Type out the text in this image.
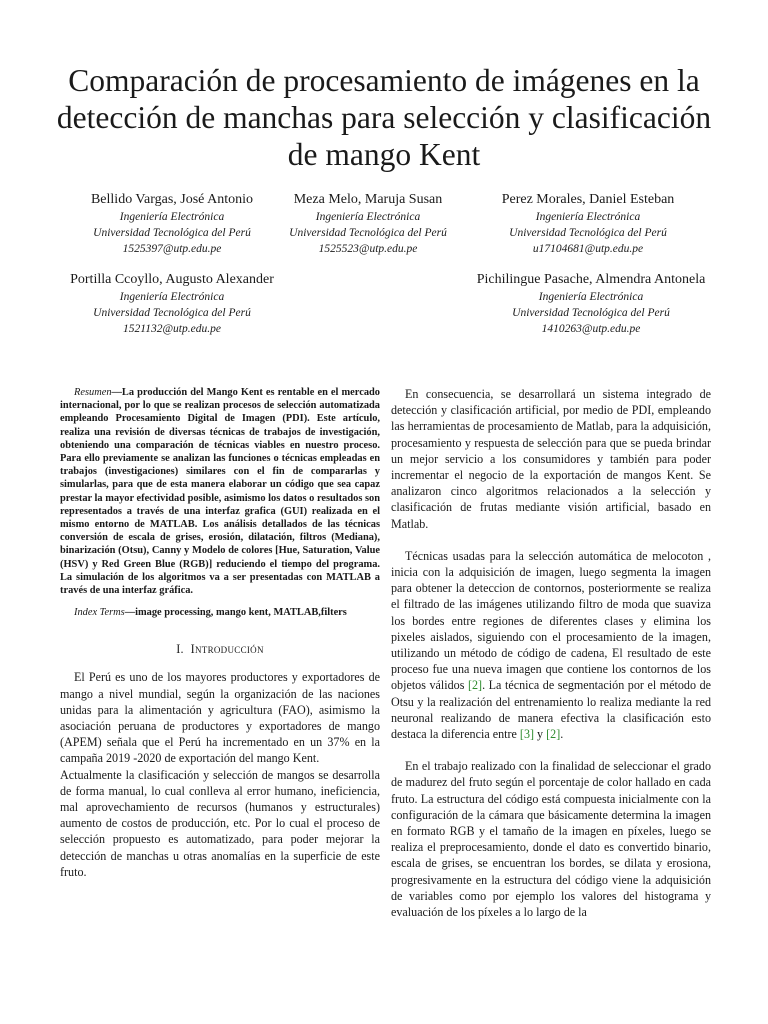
Comparación de procesamiento de imágenes en la detección de manchas para selección y clasificación de mango Kent
Bellido Vargas, José Antonio
Ingeniería Electrónica
Universidad Tecnológica del Perú
1525397@utp.edu.pe
Meza Melo, Maruja Susan
Ingeniería Electrónica
Universidad Tecnológica del Perú
1525523@utp.edu.pe
Perez Morales, Daniel Esteban
Ingeniería Electrónica
Universidad Tecnológica del Perú
u17104681@utp.edu.pe
Portilla Ccoyllo, Augusto Alexander
Ingeniería Electrónica
Universidad Tecnológica del Perú
1521132@utp.edu.pe
Pichilingue Pasache, Almendra Antonela
Ingeniería Electrónica
Universidad Tecnológica del Perú
1410263@utp.edu.pe

Resumen—La producción del Mango Kent es rentable en el mercado internacional, por lo que se realizan procesos de selección automatizada empleando Procesamiento Digital de Imagen (PDI). Este artículo, realiza una revisión de diversas técnicas de trabajos de investigación, obteniendo una comparación de técnicas viables en nuestro proceso. Para ello previamente se analizan las funciones o técnicas empleadas en trabajos (investigaciones) similares con el fin de compararlas y simularlas, para que de esta manera elaborar un código que sea capaz prestar la mayor efectividad posible, asimismo los datos o resultados son representados a través de una interfaz grafica (GUI) realizada en el mismo entorno de MATLAB. Los análisis detallados de las técnicas conversión de escala de grises, erosión, dilatación, filtros (Mediana), binarización (Otsu), Canny y Modelo de colores [Hue, Saturation, Value (HSV) y Red Green Blue (RGB)] reduciendo el tiempo del programa. La simulación de los algoritmos va a ser presentadas con MATLAB a través de una interfaz gráfica.

Index Terms—image processing, mango kent, MATLAB,filters

I. Introducción

El Perú es uno de los mayores productores y exportadores de mango a nivel mundial, según la organización de las naciones unidas para la alimentación y agricultura (FAO), asimismo la asociación peruana de productores y exportadores de mango (APEM) señala que el Perú ha incrementado en un 37% en la campaña 2019 -2020 de exportación del mango Kent.

Actualmente la clasificación y selección de mangos se desarrolla de forma manual, lo cual conlleva al error humano, ineficiencia, mal aprovechamiento de recursos (humanos y estructurales) aumento de costos de producción, etc. Por lo cual el proceso de selección propuesto es automatizado, para poder mejorar la detección de manchas u otras anomalías en la superficie de este fruto.

En consecuencia, se desarrollará un sistema integrado de detección y clasificación artificial, por medio de PDI, empleando las herramientas de procesamiento de Matlab, para la adquisición, procesamiento y respuesta de selección para que se pueda brindar un mejor servicio a los consumidores y también para poder incrementar el negocio de la exportación de mangos Kent. Se analizaron cinco algoritmos relacionados a la selección y clasificación de frutas mediante visión artificial, basado en Matlab.

Técnicas usadas para la selección automática de melocoton , inicia con la adquisición de imagen, luego segmenta la imagen para obtener la deteccion de contornos, posteriormente se realiza el filtrado de las imágenes utilizando filtro de moda que suaviza los bordes entre regiones de diferentes clases y elimina los pixeles aislados, siguiendo con el procesamiento de la imagen, utilizando un método de código de cadena, El resultado de este proceso fue una nueva imagen que contiene los contornos de los objetos válidos [2]. La técnica de segmentación por el método de Otsu y la realización del entrenamiento lo realiza mediante la red neuronal realizando de manera efectiva la clasificación esto destaca la diferencia entre [3] y [2].

En el trabajo realizado con la finalidad de seleccionar el grado de madurez del fruto según el porcentaje de color hallado en cada fruto. La estructura del código está compuesta inicialmente con la configuración de la cámara que básicamente determina la imagen en formato RGB y el tamaño de la imagen en píxeles, luego se realiza el preprocesamiento, donde el dato es convertido binario, escala de grises, se encuentran los bordes, se dilata y erosiona, progresivamente en la estructura del código viene la adquisición de variables como por ejemplo los valores del histograma y evaluación de los píxeles a lo largo de la
